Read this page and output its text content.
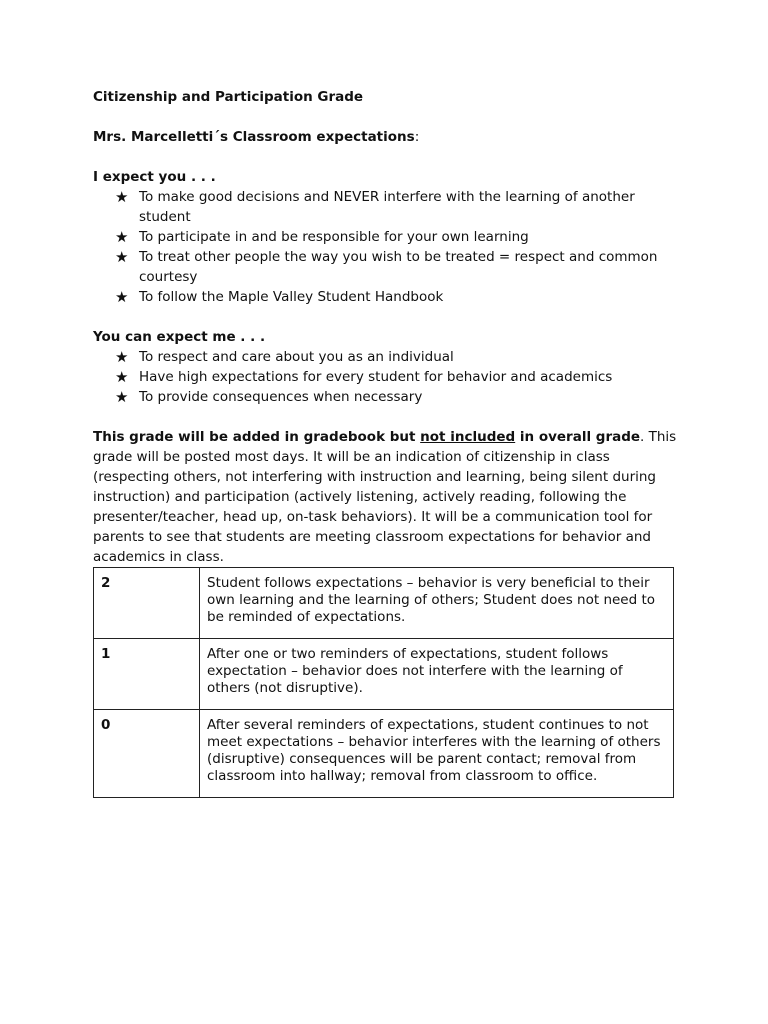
Citizenship and Participation Grade

Mrs. Marcelletti´s Classroom expectations:

I expect you . . .

★ To make good decisions and NEVER interfere with the learning of another student
★ To participate in and be responsible for your own learning
★ To treat other people the way you wish to be treated = respect and common courtesy
★ To follow the Maple Valley Student Handbook

You can expect me . . .

★ To respect and care about you as an individual
★ Have high expectations for every student for behavior and academics
★ To provide consequences when necessary

This grade will be added in gradebook but not included in overall grade. This grade will be posted most days. It will be an indication of citizenship in class (respecting others, not interfering with instruction and learning, being silent during instruction) and participation (actively listening, actively reading, following the presenter/teacher, head up, on-task behaviors). It will be a communication tool for parents to see that students are meeting classroom expectations for behavior and academics in class.

2	Student follows expectations – behavior is very beneficial to their own learning and the learning of others; Student does not need to be reminded of expectations.
1	After one or two reminders of expectations, student follows expectation – behavior does not interfere with the learning of others (not disruptive).
0	After several reminders of expectations, student continues to not meet expectations – behavior interferes with the learning of others (disruptive) consequences will be parent contact; removal from classroom into hallway; removal from classroom to office.
